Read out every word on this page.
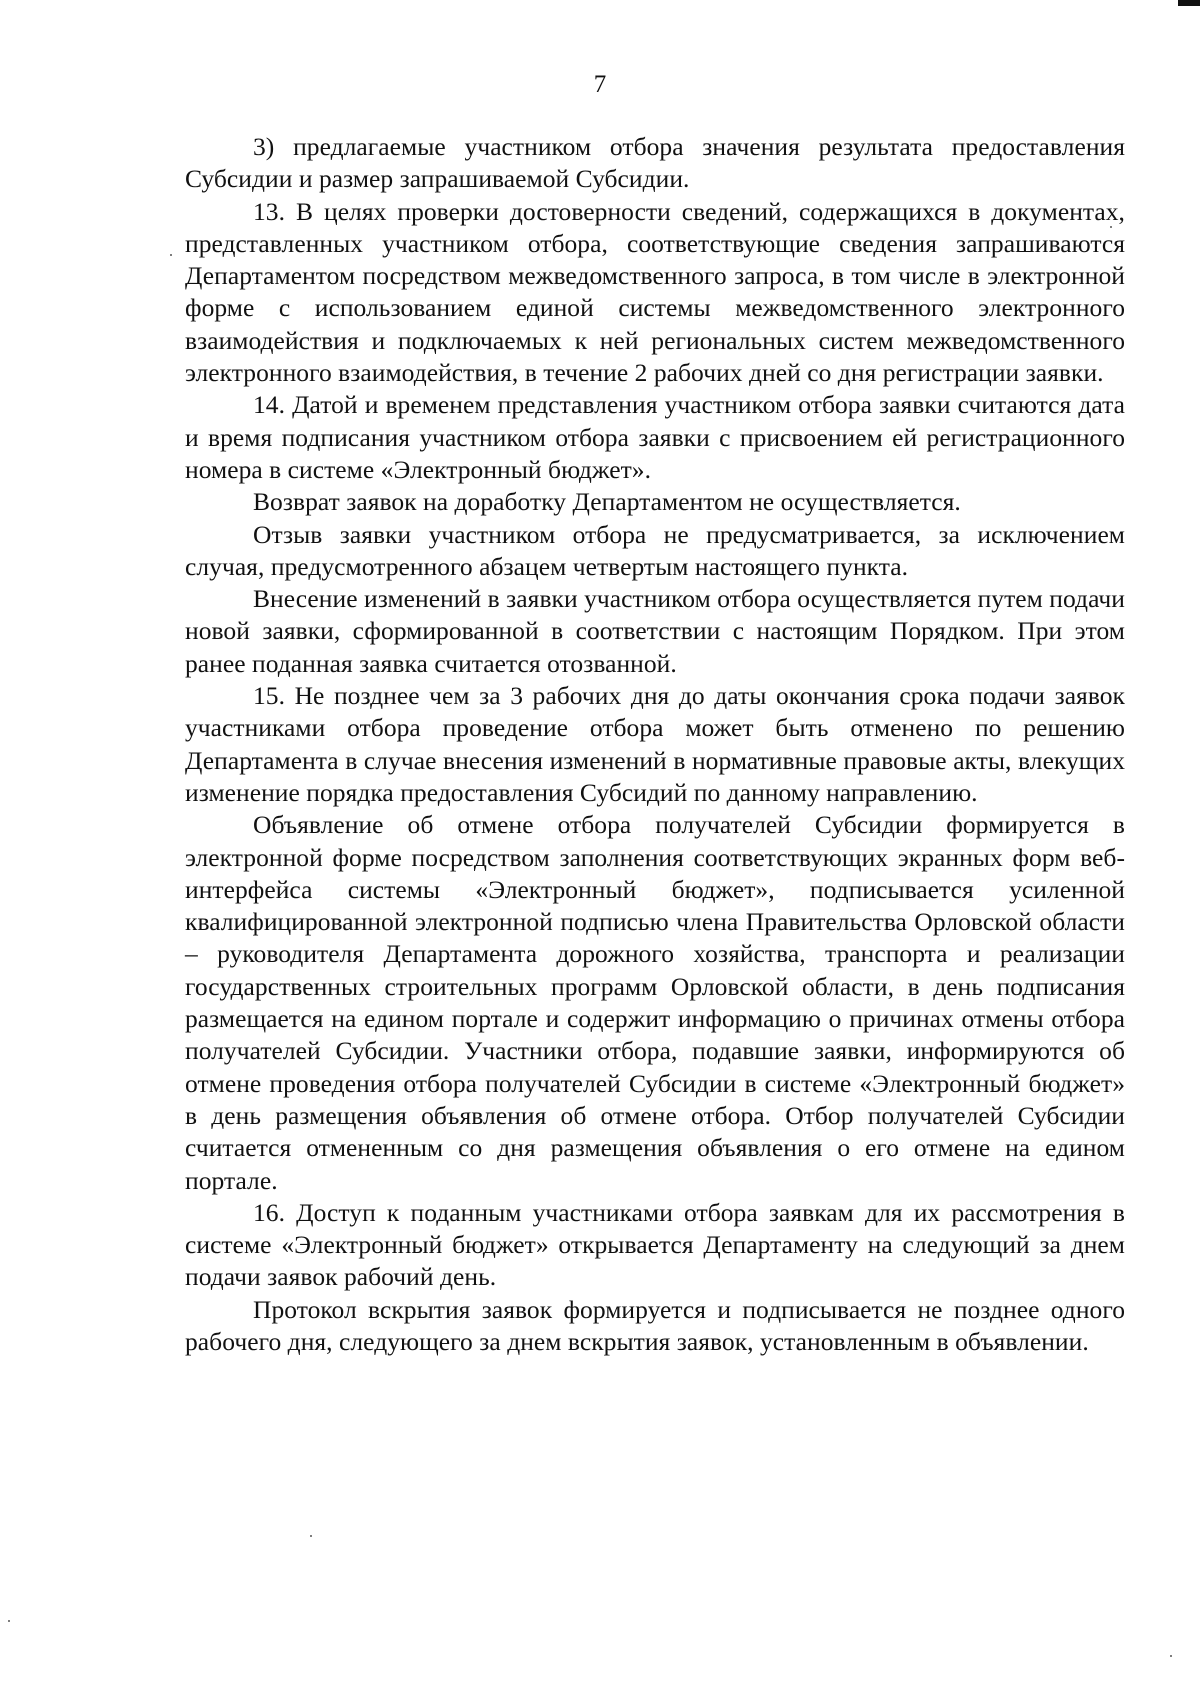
7

3) предлагаемые участником отбора значения результата предоставления Субсидии и размер запрашиваемой Субсидии.

13. В целях проверки достоверности сведений, содержащихся в документах, представленных участником отбора, соответствующие сведения запрашиваются Департаментом посредством межведомственного запроса, в том числе в электронной форме с использованием единой системы межведомственного электронного взаимодействия и подключаемых к ней региональных систем межведомственного электронного взаимодействия, в течение 2 рабочих дней со дня регистрации заявки.

14. Датой и временем представления участником отбора заявки считаются дата и время подписания участником отбора заявки с присвоением ей регистрационного номера в системе «Электронный бюджет».

Возврат заявок на доработку Департаментом не осуществляется.

Отзыв заявки участником отбора не предусматривается, за исключением случая, предусмотренного абзацем четвертым настоящего пункта.

Внесение изменений в заявки участником отбора осуществляется путем подачи новой заявки, сформированной в соответствии с настоящим Порядком. При этом ранее поданная заявка считается отозванной.

15. Не позднее чем за 3 рабочих дня до даты окончания срока подачи заявок участниками отбора проведение отбора может быть отменено по решению Департамента в случае внесения изменений в нормативные правовые акты, влекущих изменение порядка предоставления Субсидий по данному направлению.

Объявление об отмене отбора получателей Субсидии формируется в электронной форме посредством заполнения соответствующих экранных форм веб-интерфейса системы «Электронный бюджет», подписывается усиленной квалифицированной электронной подписью члена Правительства Орловской области – руководителя Департамента дорожного хозяйства, транспорта и реализации государственных строительных программ Орловской области, в день подписания размещается на едином портале и содержит информацию о причинах отмены отбора получателей Субсидии. Участники отбора, подавшие заявки, информируются об отмене проведения отбора получателей Субсидии в системе «Электронный бюджет» в день размещения объявления об отмене отбора. Отбор получателей Субсидии считается отмененным со дня размещения объявления о его отмене на едином портале.

16. Доступ к поданным участниками отбора заявкам для их рассмотрения в системе «Электронный бюджет» открывается Департаменту на следующий за днем подачи заявок рабочий день.

Протокол вскрытия заявок формируется и подписывается не позднее одного рабочего дня, следующего за днем вскрытия заявок, установленным в объявлении.
